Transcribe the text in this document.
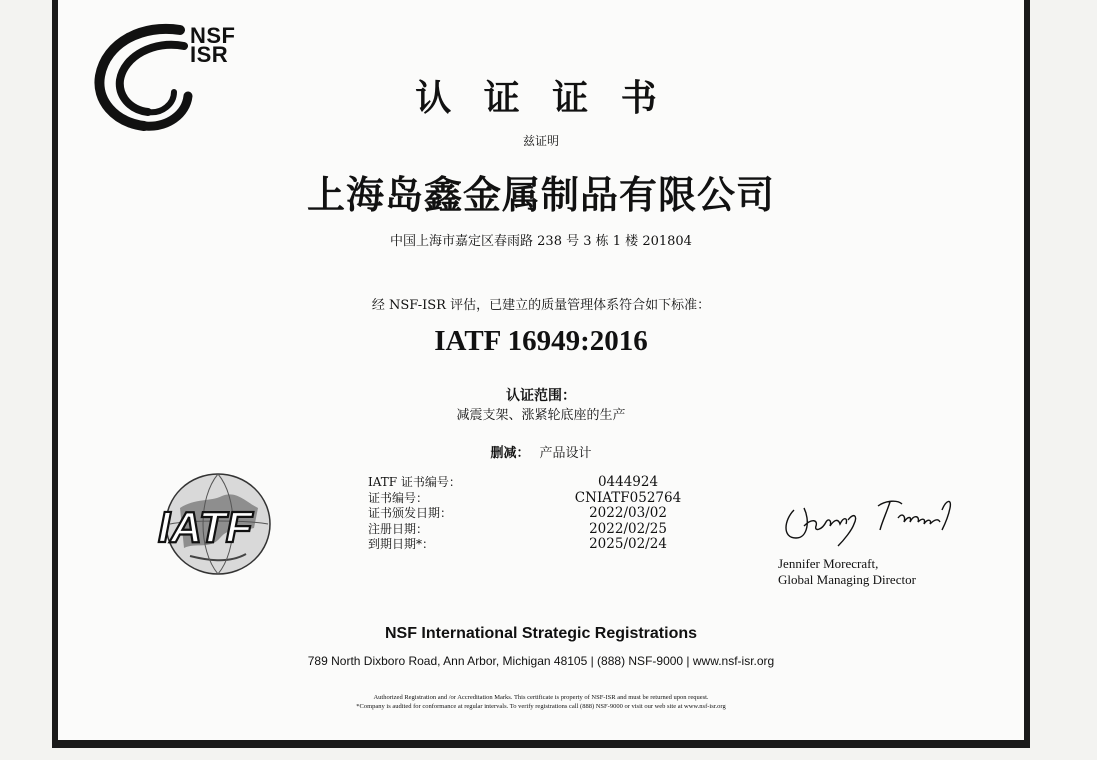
NSF
ISR
认 证 证 书
兹证明
上海岛鑫金属制品有限公司
中国上海市嘉定区春雨路 238 号 3 栋 1 楼 201804
经 NSF-ISR 评估，已建立的质量管理体系符合如下标准：
IATF 16949:2016
认证范围：
减震支架、涨紧轮底座的生产
删减： 产品设计
IATF
IATF 证书编号：	0444924
证书编号：	CNIATF052764
证书颁发日期：	2022/03/02
注册日期：	2022/02/25
到期日期*：	2025/02/24
Jennifer Morecraft,
Global Managing Director
NSF International Strategic Registrations
789 North Dixboro Road, Ann Arbor, Michigan 48105 | (888) NSF-9000 | www.nsf-isr.org
Authorized Registration and /or Accreditation Marks. This certificate is property of NSF-ISR and must be returned upon request.
*Company is audited for conformance at regular intervals. To verify registrations call (888) NSF-9000 or visit our web site at www.nsf-isr.org
